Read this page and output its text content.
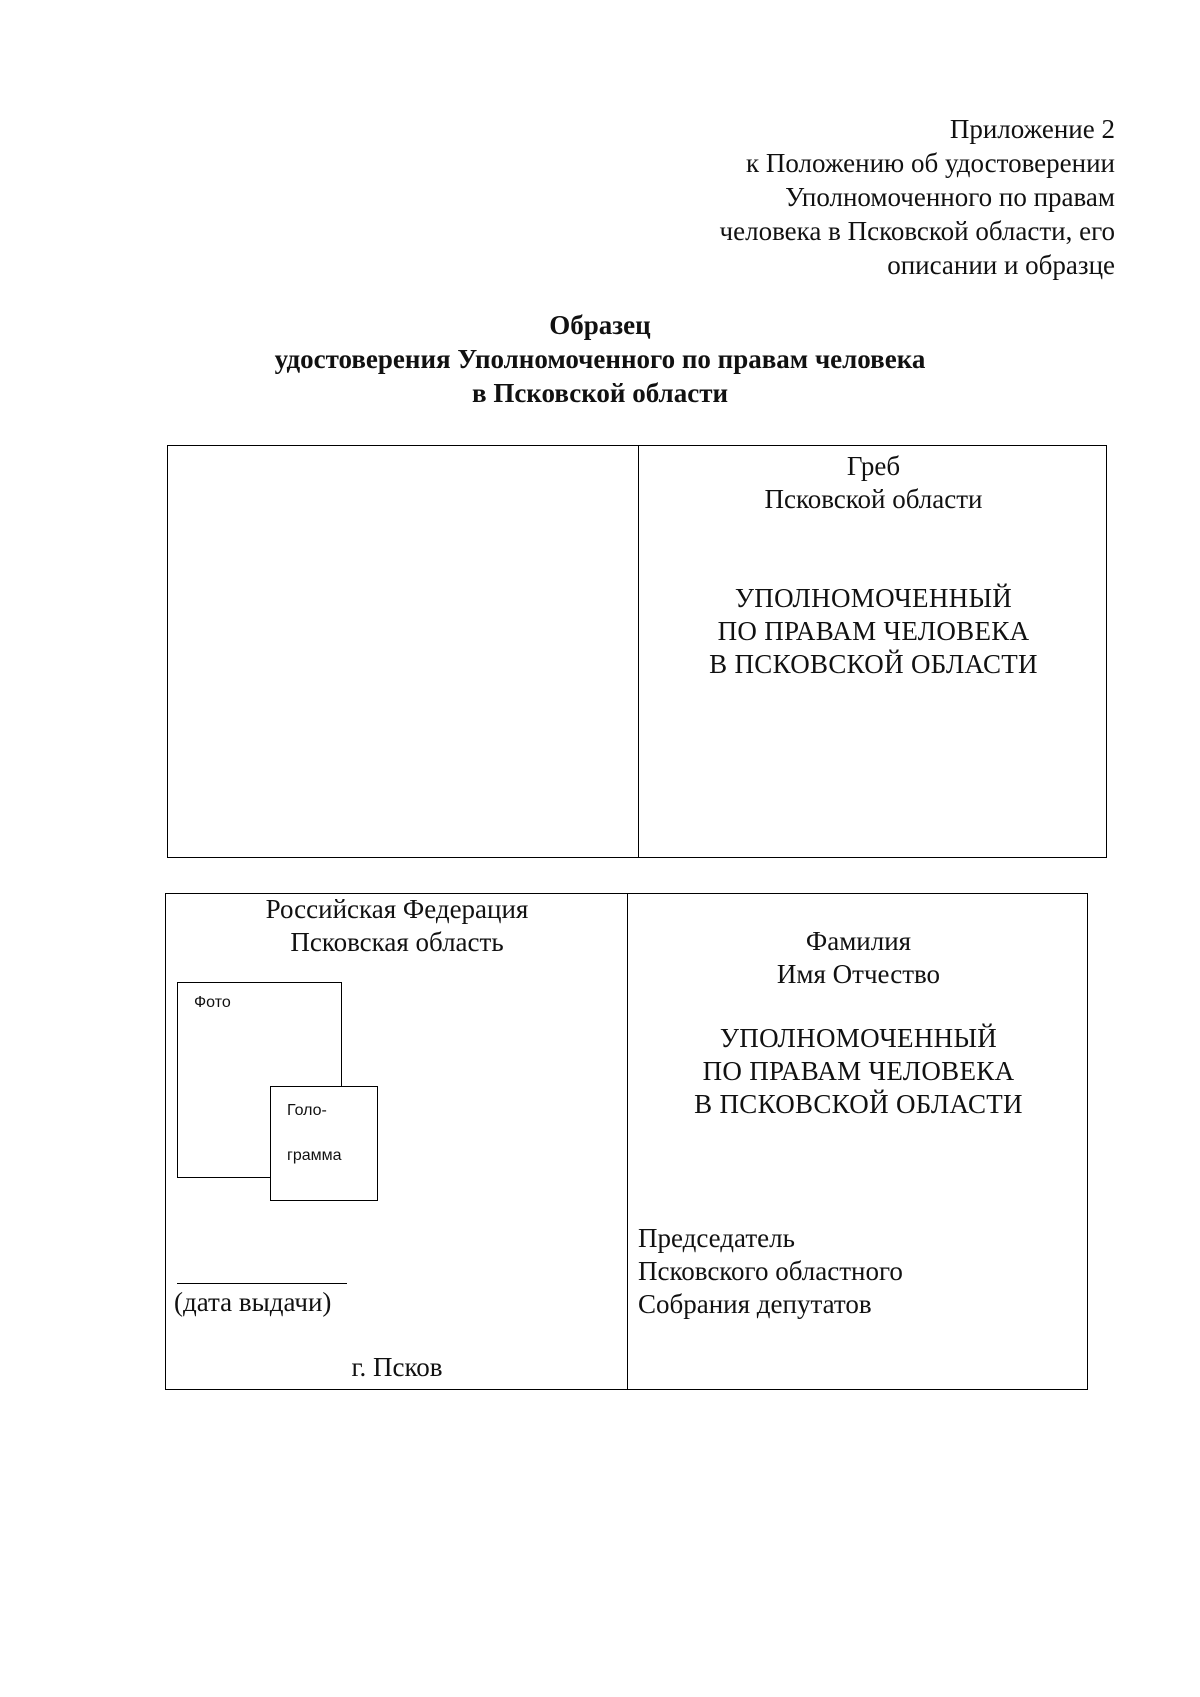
Приложение 2
к Положению об удостоверении
Уполномоченного по правам
человека в Псковской области, его
описании и образце
Образец
удостоверения Уполномоченного по правам человека
в Псковской области
Греб
Псковской области
УПОЛНОМОЧЕННЫЙ
ПО ПРАВАМ ЧЕЛОВЕКА
В ПСКОВСКОЙ ОБЛАСТИ
Российская Федерация
Псковская область
Фото
Голо-
грамма
(дата выдачи)
г. Псков
Фамилия
Имя Отчество
УПОЛНОМОЧЕННЫЙ
ПО ПРАВАМ ЧЕЛОВЕКА
В ПСКОВСКОЙ ОБЛАСТИ
Председатель
Псковского областного
Собрания депутатов
